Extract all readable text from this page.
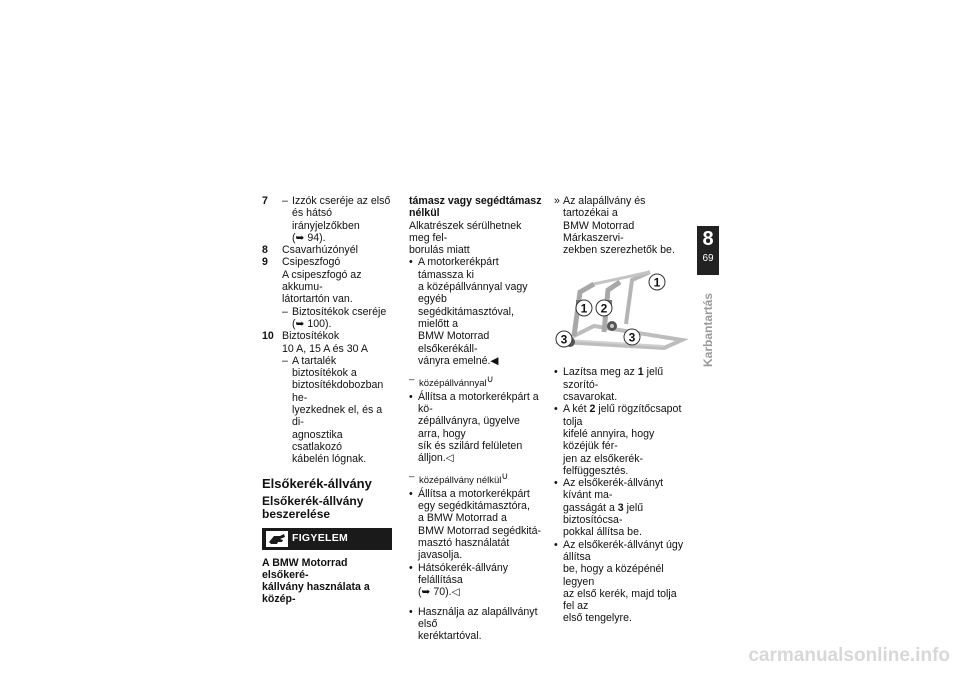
7	– Izzók cseréje az első
és hátsó irányjelzőkben
(➥ 94).
8	Csavarhúzónyél
9	Csipeszfogó
A csipeszfogó az akkumu-
látortartón van.
– Biztosítékok cseréje
(➥ 100).
10 Biztosítékok
10 A, 15 A és 30 A
– A tartalék biztosítékok a
biztosítékdobozban he-
lyezkednek el, és a di-
agnosztika csatlakozó
kábelén lógnak.
Elsőkerék-állvány
Elsőkerék-állvány
beszerelése
FIGYELEM
A BMW Motorrad elsőkeré-
kállvány használata a közép-
támasz vagy segédtámasz
nélkül
Alkatrészek sérülhetnek meg fel-
borulás miatt
• A motorkerékpárt támassza ki
a középállvánnyal vagy egyéb
segédkitámasztóval, mielőtt a
BMW Motorrad elsőkerékáll-
ványra emelné.◀
– középállvánnyal∪
• Állítsa a motorkerékpárt a kö-
zépállványra, ügyelve arra, hogy
sík és szilárd felületen álljon.◁
– középállvány nélkül∪
• Állítsa a motorkerékpárt
egy segédkitámasztóra,
a BMW Motorrad a
BMW Motorrad segédkitá-
masztó használatát javasolja.
• Hátsókerék-állvány felállítása
(➥ 70).◁
• Használja az alapállványt első
keréktartóval.
» Az alapállvány és tartozékai a
BMW Motorrad Márkaszervi-
zekben szerezhetők be.
1
1 2
3	3
• Lazítsa meg az 1 jelű szorító-
csavarokat.
• A két 2 jelű rögzítőcsapot tolja
kifelé annyira, hogy közéjük fér-
jen az elsőkerék-felfüggesztés.
• Az elsőkerék-állványt kívánt ma-
gasságát a 3 jelű biztosítócsa-
pokkal állítsa be.
• Az elsőkerék-állványt úgy állítsa
be, hogy a középénél legyen
az első kerék, majd tolja fel az
első tengelyre.
8
69
Karbantartás
carmanualsonline.info
